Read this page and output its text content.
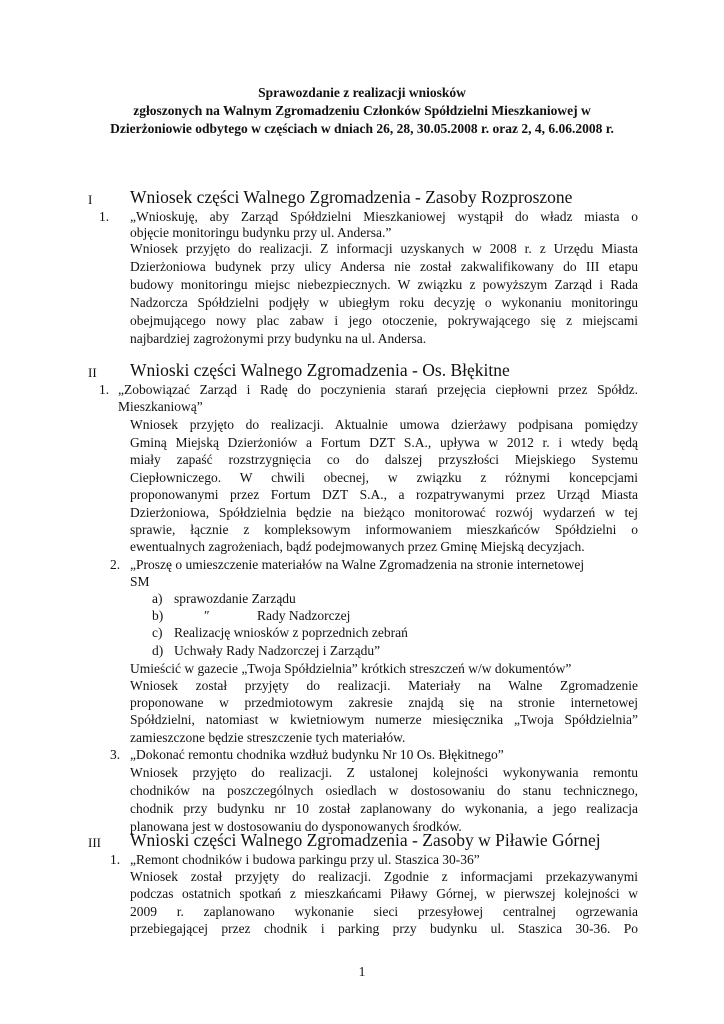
Sprawozdanie z realizacji wniosków
zgłoszonych na Walnym Zgromadzeniu Członków Spółdzielni Mieszkaniowej w
Dzierżoniowie odbytego w częściach w dniach 26, 28, 30.05.2008 r. oraz 2, 4, 6.06.2008 r.
I Wniosek części Walnego Zgromadzenia - Zasoby Rozproszone
1. „Wnioskuję, aby Zarząd Spółdzielni Mieszkaniowej wystąpił do władz miasta o
objęcie monitoringu budynku przy ul. Andersa.”
Wniosek przyjęto do realizacji. Z informacji uzyskanych w 2008 r. z Urzędu Miasta
Dzierżoniowa budynek przy ulicy Andersa nie został zakwalifikowany do III etapu
budowy monitoringu miejsc niebezpiecznych. W związku z powyższym Zarząd i Rada
Nadzorcza Spółdzielni podjęły w ubiegłym roku decyzję o wykonaniu monitoringu
obejmującego nowy plac zabaw i jego otoczenie, pokrywającego się z miejscami
najbardziej zagrożonymi przy budynku na ul. Andersa.
II Wnioski części Walnego Zgromadzenia - Os. Błękitne
1. „Zobowiązać Zarząd i Radę do poczynienia starań przejęcia ciepłowni przez Spółdz.
Mieszkaniową”
Wniosek przyjęto do realizacji. Aktualnie umowa dzierżawy podpisana pomiędzy
Gminą Miejską Dzierżoniów a Fortum DZT S.A., upływa w 2012 r. i wtedy będą
miały zapaść rozstrzygnięcia co do dalszej przyszłości Miejskiego Systemu
Ciepłowniczego. W chwili obecnej, w związku z różnymi koncepcjami
proponowanymi przez Fortum DZT S.A., a rozpatrywanymi przez Urząd Miasta
Dzierżoniowa, Spółdzielnia będzie na bieżąco monitorować rozwój wydarzeń w tej
sprawie, łącznie z kompleksowym informowaniem mieszkańców Spółdzielni o
ewentualnych zagrożeniach, bądź podejmowanych przez Gminę Miejską decyzjach.
2. „Proszę o umieszczenie materiałów na Walne Zgromadzenia na stronie internetowej
SM
a) sprawozdanie Zarządu
b)	″	Rady Nadzorczej
c) Realizację wniosków z poprzednich zebrań
d) Uchwały Rady Nadzorczej i Zarządu”
Umieścić w gazecie „Twoja Spółdzielnia” krótkich streszczeń w/w dokumentów”
Wniosek został przyjęty do realizacji. Materiały na Walne Zgromadzenie
proponowane w przedmiotowym zakresie znajdą się na stronie internetowej
Spółdzielni, natomiast w kwietniowym numerze miesięcznika „Twoja Spółdzielnia”
zamieszczone będzie streszczenie tych materiałów.
3. „Dokonać remontu chodnika wzdłuż budynku Nr 10 Os. Błękitnego”
Wniosek przyjęto do realizacji. Z ustalonej kolejności wykonywania remontu
chodników na poszczególnych osiedlach w dostosowaniu do stanu technicznego,
chodnik przy budynku nr 10 został zaplanowany do wykonania, a jego realizacja
planowana jest w dostosowaniu do dysponowanych środków.
III Wnioski części Walnego Zgromadzenia - Zasoby w Piławie Górnej
1. „Remont chodników i budowa parkingu przy ul. Staszica 30-36”
Wniosek został przyjęty do realizacji. Zgodnie z informacjami przekazywanymi
podczas ostatnich spotkań z mieszkańcami Piławy Górnej, w pierwszej kolejności w
2009 r. zaplanowano wykonanie sieci przesyłowej centralnej ogrzewania
przebiegającej przez chodnik i parking przy budynku ul. Staszica 30-36. Po
1
